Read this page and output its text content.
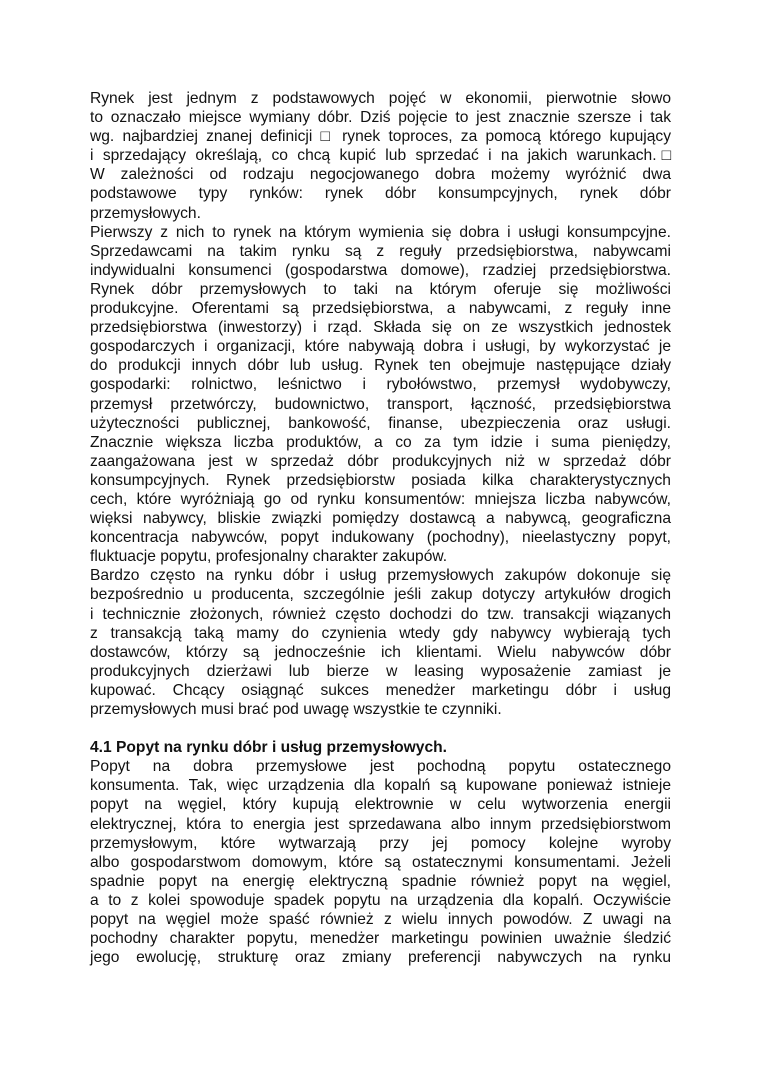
Rynek jest jednym z podstawowych pojęć w ekonomii, pierwotnie słowo
to oznaczało miejsce wymiany dóbr. Dziś pojęcie to jest znacznie szersze i tak
wg. najbardziej znanej definicji □ rynek toproces, za pomocą którego kupujący
i sprzedający określają, co chcą kupić lub sprzedać i na jakich warunkach.□
W zależności od rodzaju negocjowanego dobra możemy wyróżnić dwa
podstawowe typy rynków: rynek dóbr konsumpcyjnych, rynek dóbr
przemysłowych.
Pierwszy z nich to rynek na którym wymienia się dobra i usługi konsumpcyjne.
Sprzedawcami na takim rynku są z reguły przedsiębiorstwa, nabywcami
indywidualni konsumenci (gospodarstwa domowe), rzadziej przedsiębiorstwa.
Rynek dóbr przemysłowych to taki na którym oferuje się możliwości
produkcyjne. Oferentami są przedsiębiorstwa, a nabywcami, z reguły inne
przedsiębiorstwa (inwestorzy) i rząd. Składa się on ze wszystkich jednostek
gospodarczych i organizacji, które nabywają dobra i usługi, by wykorzystać je
do produkcji innych dóbr lub usług. Rynek ten obejmuje następujące działy
gospodarki: rolnictwo, leśnictwo i rybołówstwo, przemysł wydobywczy,
przemysł przetwórczy, budownictwo, transport, łączność, przedsiębiorstwa
użyteczności publicznej, bankowość, finanse, ubezpieczenia oraz usługi.
Znacznie większa liczba produktów, a co za tym idzie i suma pieniędzy,
zaangażowana jest w sprzedaż dóbr produkcyjnych niż w sprzedaż dóbr
konsumpcyjnych. Rynek przedsiębiorstw posiada kilka charakterystycznych
cech, które wyróżniają go od rynku konsumentów: mniejsza liczba nabywców,
więksi nabywcy, bliskie związki pomiędzy dostawcą a nabywcą, geograficzna
koncentracja nabywców, popyt indukowany (pochodny), nieelastyczny popyt,
fluktuacje popytu, profesjonalny charakter zakupów.
Bardzo często na rynku dóbr i usług przemysłowych zakupów dokonuje się
bezpośrednio u producenta, szczególnie jeśli zakup dotyczy artykułów drogich
i technicznie złożonych, również często dochodzi do tzw. transakcji wiązanych
z transakcją taką mamy do czynienia wtedy gdy nabywcy wybierają tych
dostawców, którzy są jednocześnie ich klientami. Wielu nabywców dóbr
produkcyjnych dzierżawi lub bierze w leasing wyposażenie zamiast je
kupować. Chcący osiągnąć sukces menedżer marketingu dóbr i usług
przemysłowych musi brać pod uwagę wszystkie te czynniki.
4.1 Popyt na rynku dóbr i usług przemysłowych.
Popyt na dobra przemysłowe jest pochodną popytu ostatecznego
konsumenta. Tak, więc urządzenia dla kopalń są kupowane ponieważ istnieje
popyt na węgiel, który kupują elektrownie w celu wytworzenia energii
elektrycznej, która to energia jest sprzedawana albo innym przedsiębiorstwom
przemysłowym, które wytwarzają przy jej pomocy kolejne wyroby
albo gospodarstwom domowym, które są ostatecznymi konsumentami. Jeżeli
spadnie popyt na energię elektryczną spadnie również popyt na węgiel,
a to z kolei spowoduje spadek popytu na urządzenia dla kopalń. Oczywiście
popyt na węgiel może spaść również z wielu innych powodów. Z uwagi na
pochodny charakter popytu, menedżer marketingu powinien uważnie śledzić
jego ewolucję, strukturę oraz zmiany preferencji nabywczych na rynku
